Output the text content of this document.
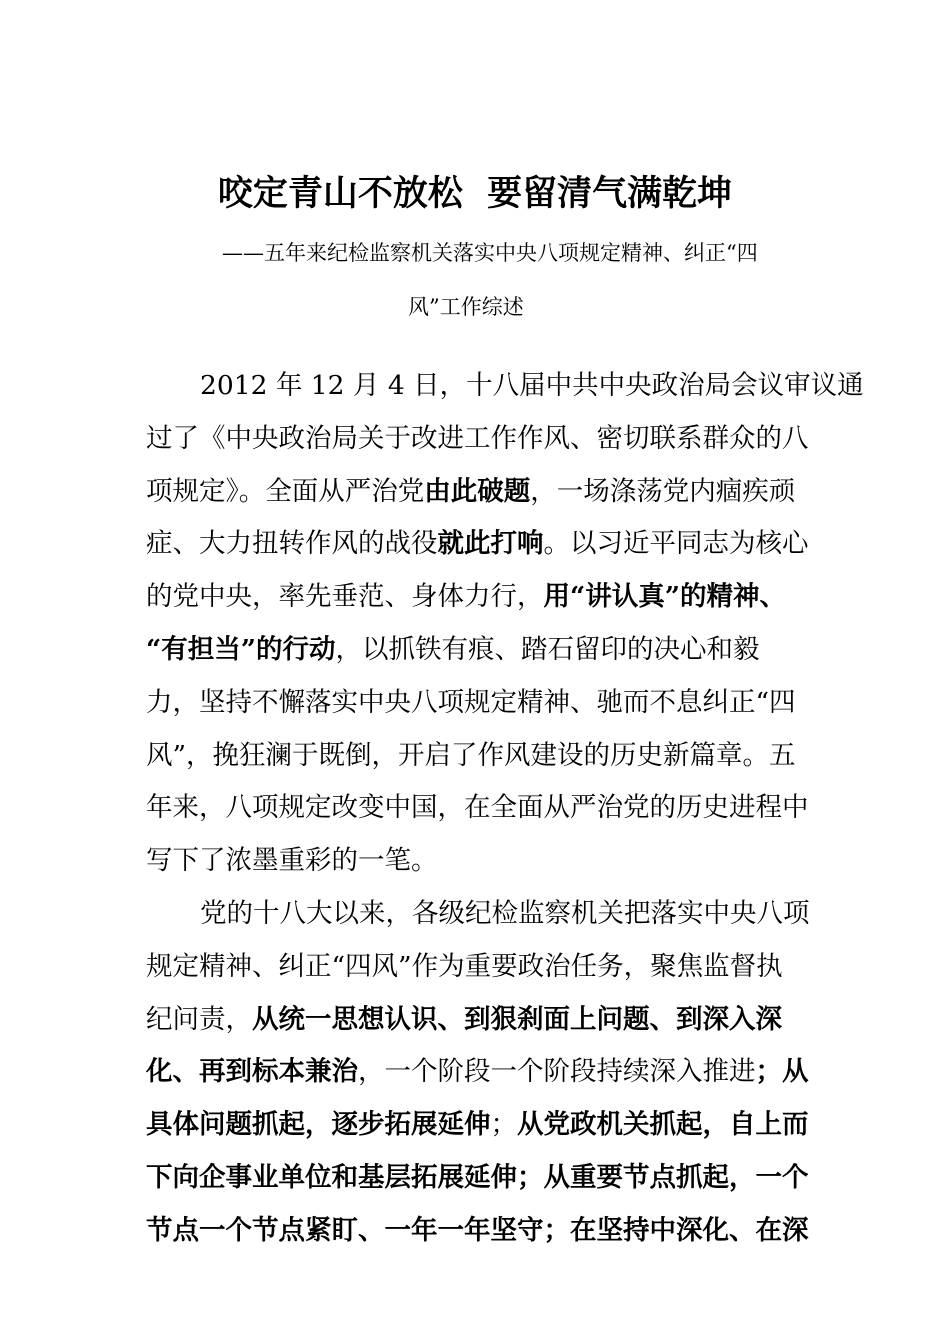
咬定青山不放松  要留清气满乾坤
——五年来纪检监察机关落实中央八项规定精神、纠正“四
风”工作综述
2012 年 12 月 4 日，十八届中共中央政治局会议审议通
过了《中央政治局关于改进工作作风、密切联系群众的八
项规定》。全面从严治党由此破题，一场涤荡党内痼疾顽
症、大力扭转作风的战役就此打响。以习近平同志为核心
的党中央，率先垂范、身体力行，用“讲认真”的精神、
“有担当”的行动，以抓铁有痕、踏石留印的决心和毅
力，坚持不懈落实中央八项规定精神、驰而不息纠正“四
风”，挽狂澜于既倒，开启了作风建设的历史新篇章。五
年来，八项规定改变中国，在全面从严治党的历史进程中
写下了浓墨重彩的一笔。
党的十八大以来，各级纪检监察机关把落实中央八项
规定精神、纠正“四风”作为重要政治任务，聚焦监督执
纪问责，从统一思想认识、到狠刹面上问题、到深入深
化、再到标本兼治，一个阶段一个阶段持续深入推进；从
具体问题抓起，逐步拓展延伸；从党政机关抓起，自上而
下向企事业单位和基层拓展延伸；从重要节点抓起，一个
节点一个节点紧盯、一年一年坚守；在坚持中深化、在深
